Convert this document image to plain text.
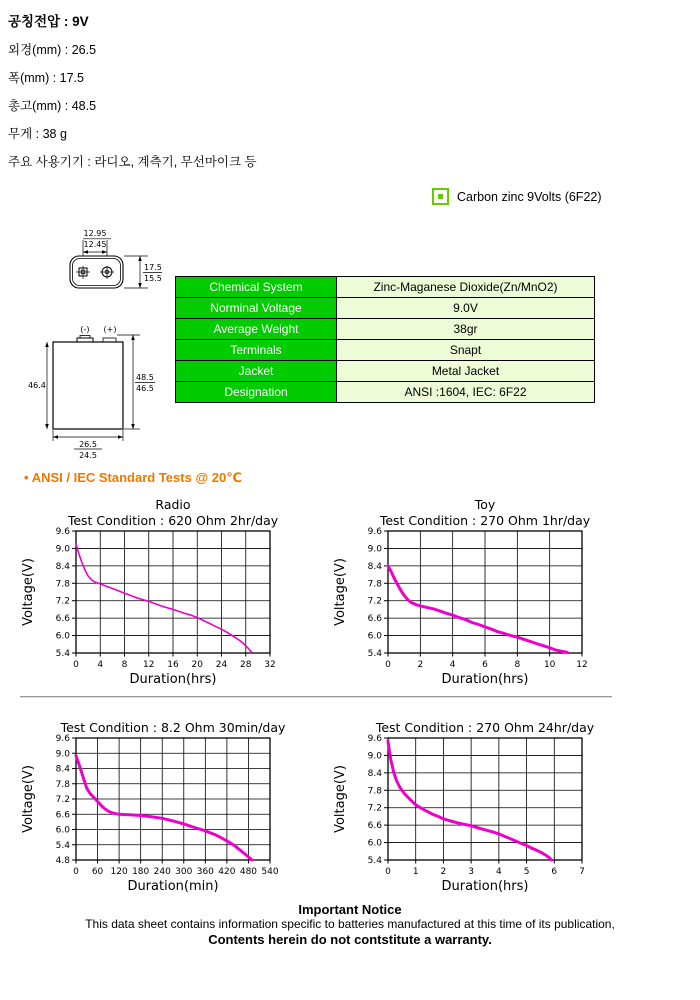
공칭전압 : 9V
외경(mm) : 26.5
폭(mm) : 17.5
총고(mm) : 48.5
무게 : 38 g
주요 사용기기 : 라디오, 계측기, 무선마이크 등
Carbon zinc 9Volts (6F22)
12.95
12.45
17.5
15.5
(-) (+)
46.4
48.5
46.5
26.5
24.5
Chemical System	Zinc-Maganese Dioxide(Zn/MnO2)
Norminal Voltage	9.0V
Average Weight	38gr
Terminals	Snapt
Jacket	Metal Jacket
Designation	ANSI :1604, IEC: 6F22
• ANSI / IEC Standard Tests @ 20℃
Radio
Test Condition : 620 Ohm 2hr/day
0 4 8 12 16 20 24 28 32
5.4
6.0
6.6
7.2
7.8
8.4
9.0
9.6
Duration(hrs)
Voltage(V)
Toy
Test Condition : 270 Ohm 1hr/day
0	2	4	6	8	10 12
5.4
6.0
6.6
7.2
7.8
8.4
9.0
9.6
Duration(hrs)
Voltage(V)
Test Condition : 8.2 Ohm 30min/day
0 60 120 180 240 300 360 420 480 540
4.8
5.4
6.0
6.6
7.2
7.8
8.4
9.0
9.6
Duration(min)
Voltage(V)
Test Condition : 270 Ohm 24hr/day
0 1 2 3 4 5 6 7
5.4
6.0
6.6
7.2
7.8
8.4
9.0
9.6
Duration(hrs)
Voltage(V)
Important Notice
This data sheet contains information specific to batteries manufactured at this time of its publication,
Contents herein do not contstitute a warranty.
